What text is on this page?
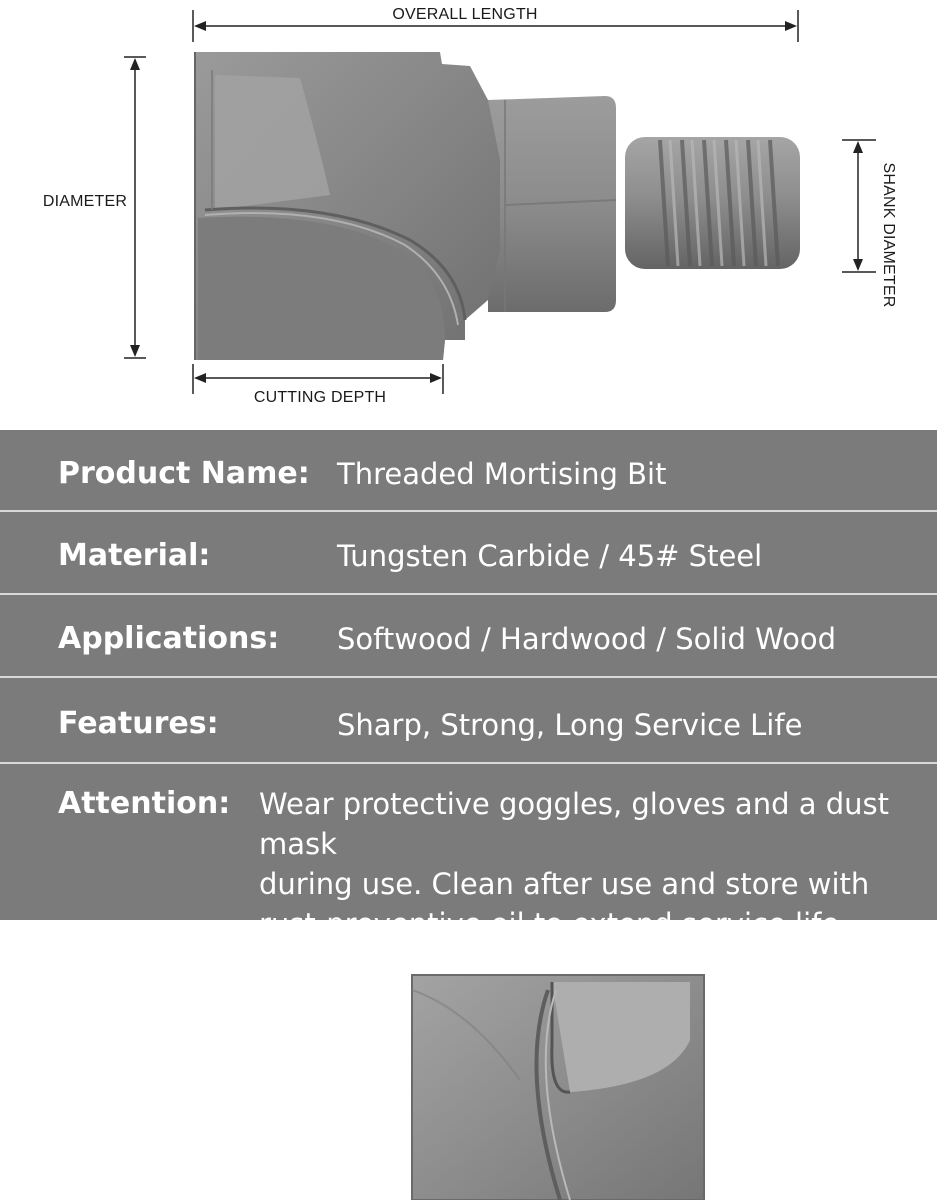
OVERALL LENGTH
DIAMETER
CUTTING DEPTH
SHANK DIAMETER
Product Name: Threaded Mortising Bit
Material:	Tungsten Carbide / 45# Steel
Applications: Softwood / Hardwood / Solid Wood
Features:	Sharp, Strong, Long Service Life
Attention: Wear protective goggles, gloves and a dust mask
during use. Clean after use and store with
rust-preventive oil to extend service life.
